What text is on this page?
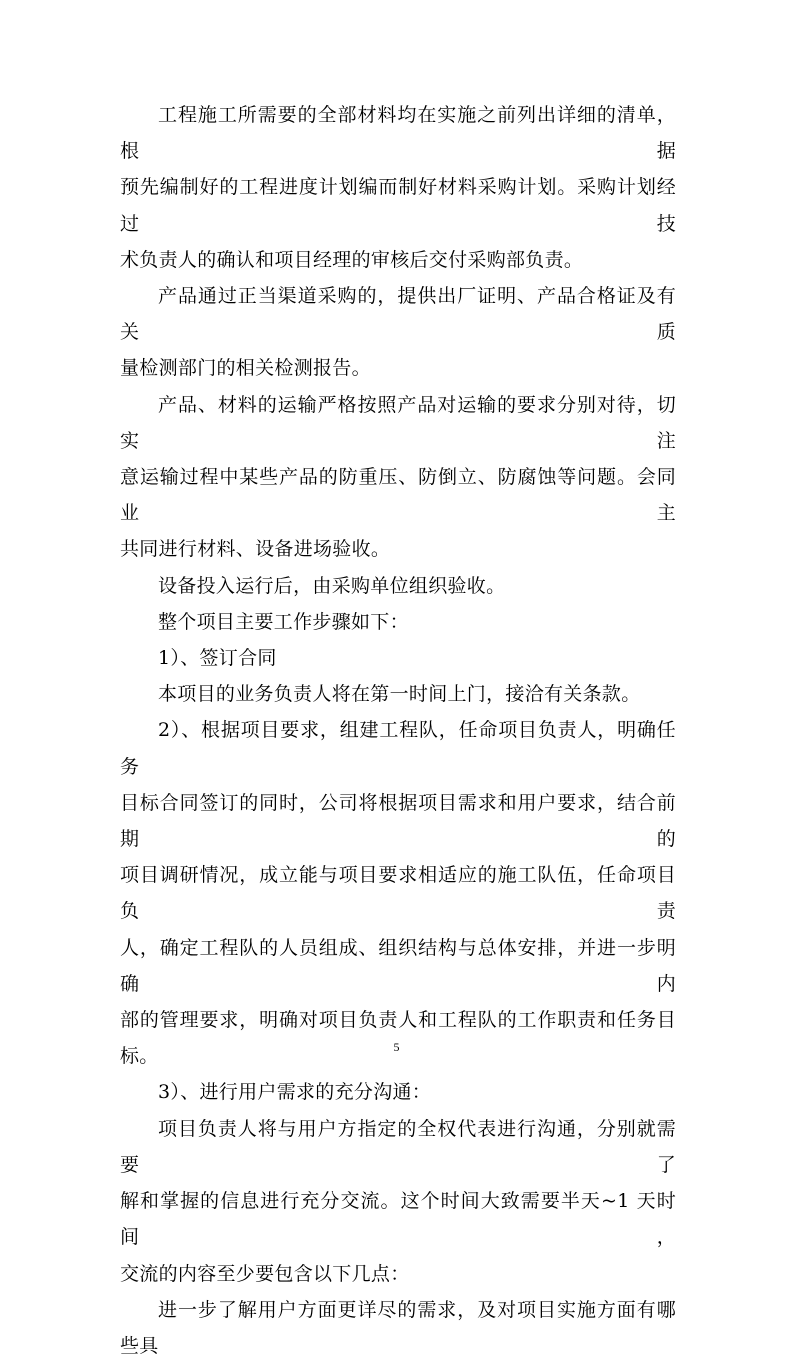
工程施工所需要的全部材料均在实施之前列出详细的清单，根据
预先编制好的工程进度计划编而制好材料采购计划。采购计划经过技
术负责人的确认和项目经理的审核后交付采购部负责。

产品通过正当渠道采购的，提供出厂证明、产品合格证及有关质
量检测部门的相关检测报告。

产品、材料的运输严格按照产品对运输的要求分别对待，切实注
意运输过程中某些产品的防重压、防倒立、防腐蚀等问题。会同业主
共同进行材料、设备进场验收。

设备投入运行后，由采购单位组织验收。

整个项目主要工作步骤如下：

1）、签订合同

本项目的业务负责人将在第一时间上门，接洽有关条款。

2）、根据项目要求，组建工程队，任命项目负责人，明确任务
目标合同签订的同时，公司将根据项目需求和用户要求，结合前期的
项目调研情况，成立能与项目要求相适应的施工队伍，任命项目负责
人，确定工程队的人员组成、组织结构与总体安排，并进一步明确内
部的管理要求，明确对项目负责人和工程队的工作职责和任务目标。

3）、进行用户需求的充分沟通：

项目负责人将与用户方指定的全权代表进行沟通，分别就需要了
解和掌握的信息进行充分交流。这个时间大致需要半天~1 天时间，
交流的内容至少要包含以下几点：

进一步了解用户方面更详尽的需求，及对项目实施方面有哪些具

5
